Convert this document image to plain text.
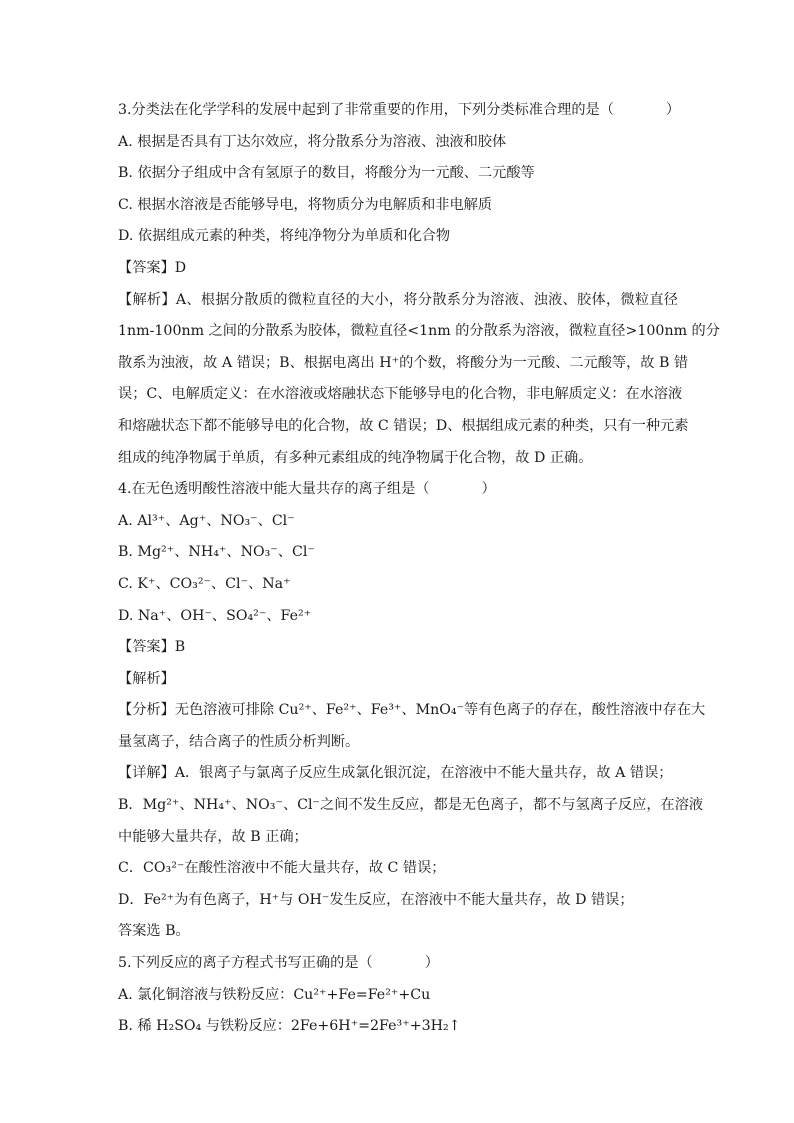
3.分类法在化学学科的发展中起到了非常重要的作用，下列分类标准合理的是（	）
A. 根据是否具有丁达尔效应，将分散系分为溶液、浊液和胶体
B. 依据分子组成中含有氢原子的数目，将酸分为一元酸、二元酸等
C. 根据水溶液是否能够导电，将物质分为电解质和非电解质
D. 依据组成元素的种类，将纯净物分为单质和化合物
【答案】D
【解析】A、根据分散质的微粒直径的大小，将分散系分为溶液、浊液、胶体，微粒直径
1nm-100nm 之间的分散系为胶体，微粒直径<1nm 的分散系为溶液，微粒直径>100nm 的分
散系为浊液，故 A 错误；B、根据电离出 H⁺的个数，将酸分为一元酸、二元酸等，故 B 错
误；C、电解质定义：在水溶液或熔融状态下能够导电的化合物，非电解质定义：在水溶液
和熔融状态下都不能够导电的化合物，故 C 错误；D、根据组成元素的种类，只有一种元素
组成的纯净物属于单质，有多种元素组成的纯净物属于化合物，故 D 正确。
4.在无色透明酸性溶液中能大量共存的离子组是（	）
A. Al³⁺、Ag⁺、NO₃⁻、Cl⁻
B. Mg²⁺、NH₄⁺、NO₃⁻、Cl⁻
C. K⁺、CO₃²⁻、Cl⁻、Na⁺
D. Na⁺、OH⁻、SO₄²⁻、Fe²⁺
【答案】B
【解析】
【分析】无色溶液可排除 Cu²⁺、Fe²⁺、Fe³⁺、MnO₄⁻等有色离子的存在，酸性溶液中存在大
量氢离子，结合离子的性质分析判断。
【详解】A．银离子与氯离子反应生成氯化银沉淀，在溶液中不能大量共存，故 A 错误；
B．Mg²⁺、NH₄⁺、NO₃⁻、Cl⁻之间不发生反应，都是无色离子，都不与氢离子反应，在溶液
中能够大量共存，故 B 正确；
C．CO₃²⁻在酸性溶液中不能大量共存，故 C 错误；
D．Fe²⁺为有色离子，H⁺与 OH⁻发生反应，在溶液中不能大量共存，故 D 错误；
答案选 B。
5.下列反应的离子方程式书写正确的是（	）
A. 氯化铜溶液与铁粉反应：Cu²⁺+Fe=Fe²⁺+Cu
B. 稀 H₂SO₄ 与铁粉反应：2Fe+6H⁺=2Fe³⁺+3H₂↑
